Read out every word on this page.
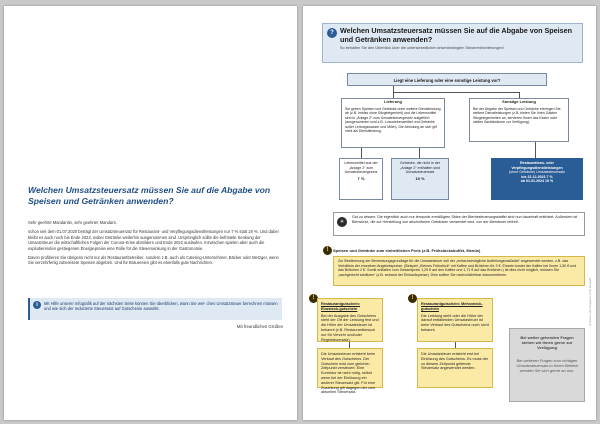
Welchen Umsatzsteuersatz müssen Sie auf die Abgabe von Speisen und Getränken anwenden?

Sehr geehrte Mandantin, sehr geehrter Mandant,

schon seit dem 01.07.2020 beträgt der Umsatzsteuersatz für Restaurant- und Verpflegungsdienstleistungen nur 7 % statt 19 %. Und dabei bleibt es auch noch bis Ende 2023, wobei Getränke weiterhin ausgenommen sind. Ursprünglich sollte die befristete Senkung der Umsatzsteuer die wirtschaftlichen Folgen der Corona-Krise abmildern und Ende 2022 auslaufen. Inzwischen spielen aber auch die explodierenden gestiegenen Energiepreise eine Rolle für die Steuersenkung in der Gastronomie.

Davon profitieren Sie übrigens nicht nur als Restaurantbetreiber, sondern z.B. auch als Catering-Unternehmer, Bäcker oder Metzger, wenn Sie verzehrfertig zubereitete Speisen abgeben. Und für Brauereien gibt es ebenfalls gute Nachrichten.

i	Mit Hilfe unserer Infografik auf der nächsten Seite können Sie überblicken, wann Sie wel- chen Umsatzsteuer berechnen müssen und wie sich der reduzierte Steuersatz auf Gutscheine auswirkt.
Mit freundlichen Grüßen
? Welchen Umsatzsteuersatz müssen Sie auf die Abgabe von Speisen und Getränken anwenden?
So behalten Sie den Überblick über die unterschiedlichen krisenbedingten Steuererleichterungen!
Liegt eine Lieferung oder eine sonstige Leistung vor?
Lieferung
Sie geben Speisen und Getränke ohne weitere Dienstleistung ab (z.B. Imbiss ohne Sitzgelegenheit) und die Lebensmittel sind in „Anlage 2“ zum Umsatzsteuergesetz aufgeführt (ausgenommen sind z.B. Luxuslebensmittel und Getränke außer Leitungswasser und Milch). Die Abholung an sich gilt nicht als Dienstleistung.
Sonstige Leistung
Bei der Abgabe der Speisen und Getränke erbringen Sie weitere Dienstleistungen (z.B. bieten Sie Ihren Gästen Sitzgelegenheiten an, servieren Ihnen das Essen oder stellen Sanitärräume zur Verfügung).
Lebensmittel aus der „Anlage 2“ zum Umsatzsteuergesetz
7 %
Getränke, die nicht in der „Anlage 2“ enthalten sind Umsatzsteuersatz
19 %
Restaurations- oder Verpflegungsdienstleistungen
(ohne Getränke) Umsatzsteuersatz
bis 31.12.2023 7 %
ab 01.01.2024 19 %
☀
Gut zu wissen: Die eigentlich auch nur temporär ermäßigten Sätze der Bierbesteuerungsstaffel sind nun dauerhaft entfristet. Außerdem ist Bierwürze, die zur Herstellung von alkoholfreien Getränken verwendet wird, von der Biersteuer befreit.
!	Speisen und Getränke zum einheitlichen Preis (z.B. Frühstücksbuffet, Menüs)
Zur Bestimmung der Bemessungsgrundlage für die Umsatzsteuer soll der „einfachstmögliche Aufteilungsmaßstab“ angewendet werden, z.B. das Verhältnis der einzelnen Angebotspreise. (Beispiel „Kleines Frühstück“ mit Kaffee und Brötchen für 3 €. Einzeln kostet der Kaffee bei Ihnen 1,50 € und das Brötchen 2 €. Somit entfallen vom Gesamtpreis 1,29 € auf den Kaffee und 1,71 € auf das Brötchen.) Ist dies nicht möglich, müssen Sie „sachgerecht schätzen“ (z.B. anhand der Einkaufspreise). Dies sollten Sie nachvollziehbar dokumentieren.
!
Restaurantgutschein: Einzweck-gutschein
Bei der Ausgabe des Gutscheins steht der Ort der Leistung fest und die Höhe der Umsatzsteuer ist bekannt (z.B. Restaurantbesuch nur für Verzehr und/oder Regelsteuersatz).
!
Restaurantgutschein: Mehrzweck-gutschein
Die Leistung steht oder die Höhe der darauf entfallenden Umsatzsteuer ist beim Verkauf des Gutscheins noch nicht bekannt.
Die Umsatzsteuer entsteht beim Verkauf des Gutscheins. Der Gutschein wird zum gleichen Zeitpunkt versteuert. Eine Korrektur ist nicht nötig, selbst wenn bei der Einlösung ein anderer Steuersatz gilt. Für eine Zuzahlung gilt dagegen der zum aktuellen Steuersatz.
Die Umsatzsteuer entsteht erst bei Einlösung des Gutscheins. Es muss der zu diesem Zeitpunkt geltende Steuersatz angewendet werden.
Bei weiter gehenden Fragen stehen wir Ihnen gerne zur Verfügung
Bei weiteren Fragen zum richtigen Umsatzsteuersatz in Ihrem Betrieb wenden Sie sich gerne an uns.
Hinweis: Alle Angaben ohne Gewähr
